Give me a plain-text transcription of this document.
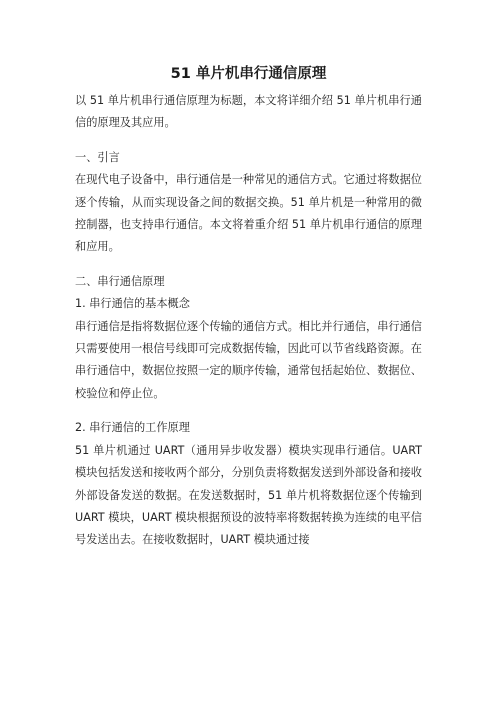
51 单片机串行通信原理

以 51 单片机串行通信原理为标题，本文将详细介绍 51 单片机串行通信的原理及其应用。

一、引言

在现代电子设备中，串行通信是一种常见的通信方式。它通过将数据位逐个传输，从而实现设备之间的数据交换。51 单片机是一种常用的微控制器，也支持串行通信。本文将着重介绍 51 单片机串行通信的原理和应用。

二、串行通信原理

1. 串行通信的基本概念

串行通信是指将数据位逐个传输的通信方式。相比并行通信，串行通信只需要使用一根信号线即可完成数据传输，因此可以节省线路资源。在串行通信中，数据位按照一定的顺序传输，通常包括起始位、数据位、校验位和停止位。

2. 串行通信的工作原理

51 单片机通过 UART（通用异步收发器）模块实现串行通信。UART 模块包括发送和接收两个部分，分别负责将数据发送到外部设备和接收外部设备发送的数据。在发送数据时，51 单片机将数据位逐个传输到 UART 模块，UART 模块根据预设的波特率将数据转换为连续的电平信号发送出去。在接收数据时，UART 模块通过接
